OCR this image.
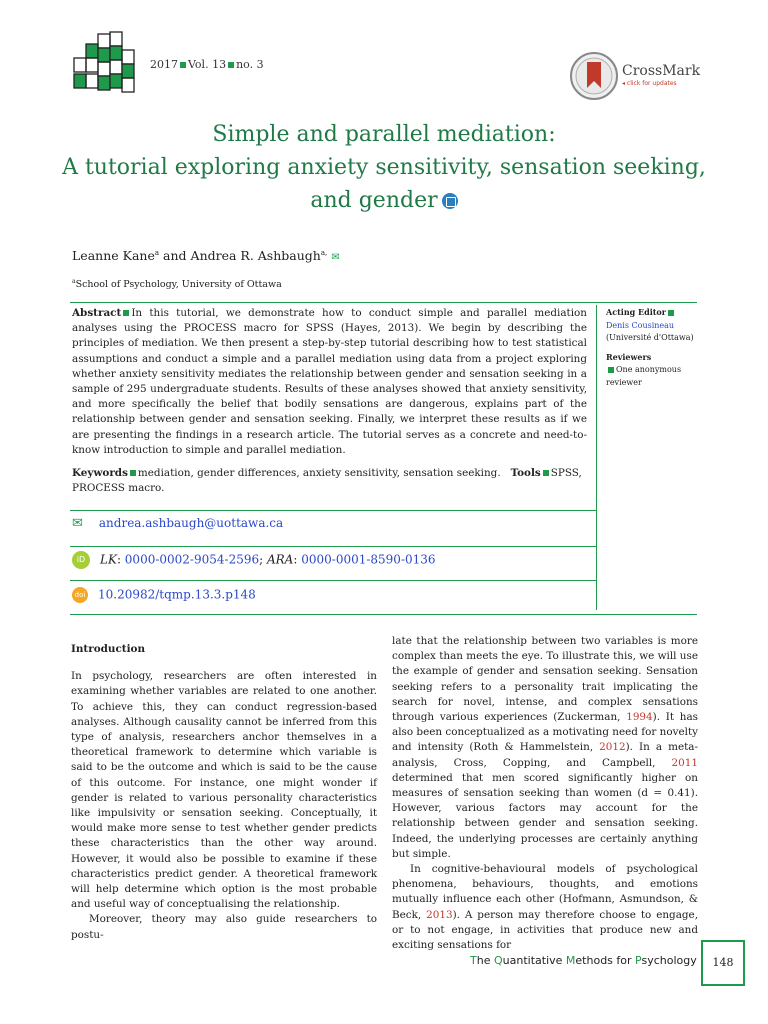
2017 Vol. 13 no. 3	CrossMark
◂ click for updates
Simple and parallel mediation:
A tutorial exploring anxiety sensitivity, sensation seeking,
and gender
Leanne Kane$^a$ and Andrea R. Ashbaugh$^{a,}$ ✉
$^a$School of Psychology, University of Ottawa
Abstract In this tutorial, we demonstrate how to conduct simple and parallel mediation analyses using the PROCESS macro for SPSS (Hayes, 2013). We begin by describing the principles of mediation. We then present a step-by-step tutorial describing how to test statistical assumptions and conduct a simple and a parallel mediation using data from a project exploring whether anxiety sensitivity mediates the relationship between gender and sensation seeking in a sample of 295 undergraduate students. Results of these analyses showed that anxiety sensitivity, and more specifically the belief that bodily sensations are dangerous, explains part of the relationship between gender and sensation seeking. Finally, we interpret these results as if we are presenting the findings in a research article. The tutorial serves as a concrete and need-to-know introduction to simple and parallel mediation.
Keywords mediation, gender differences, anxiety sensitivity, sensation seeking. Tools SPSS, PROCESS macro.
Acting EditorDenis Cousineau (Université d'Ottawa)
Reviewers
One anonymous reviewer
✉ andrea.ashbaugh@uottawa.ca
iD LK: 0000-0002-9054-2596; ARA: 0000-0001-8590-0136
doi 10.20982/tqmp.13.3.p148
Introduction

In psychology, researchers are often interested in examining whether variables are related to one another. To achieve this, they can conduct regression-based analyses. Although causality cannot be inferred from this type of analysis, researchers anchor themselves in a theoretical framework to determine which variable is said to be the outcome and which is said to be the cause of this outcome. For instance, one might wonder if gender is related to various personality characteristics like impulsivity or sensation seeking. Conceptually, it would make more sense to test whether gender predicts these characteristics than the other way around. However, it would also be possible to examine if these characteristics predict gender. A theoretical framework will help determine which option is the most probable and useful way of conceptualising the relationship.

Moreover, theory may also guide researchers to postu-

late that the relationship between two variables is more complex than meets the eye. To illustrate this, we will use the example of gender and sensation seeking. Sensation seeking refers to a personality trait implicating the search for novel, intense, and complex sensations through various experiences (Zuckerman, 1994). It has also been conceptualized as a motivating need for novelty and intensity (Roth & Hammelstein, 2012). In a meta-analysis, Cross, Copping, and Campbell, 2011 determined that men scored significantly higher on measures of sensation seeking than women (d = 0.41). However, various factors may account for the relationship between gender and sensation seeking. Indeed, the underlying processes are certainly anything but simple.

In cognitive-behavioural models of psychological phenomena, behaviours, thoughts, and emotions mutually influence each other (Hofmann, Asmundson, & Beck, 2013). A person may therefore choose to engage, or to not engage, in activities that produce new and exciting sensations for

The Quantitative Methods for Psychology	148
